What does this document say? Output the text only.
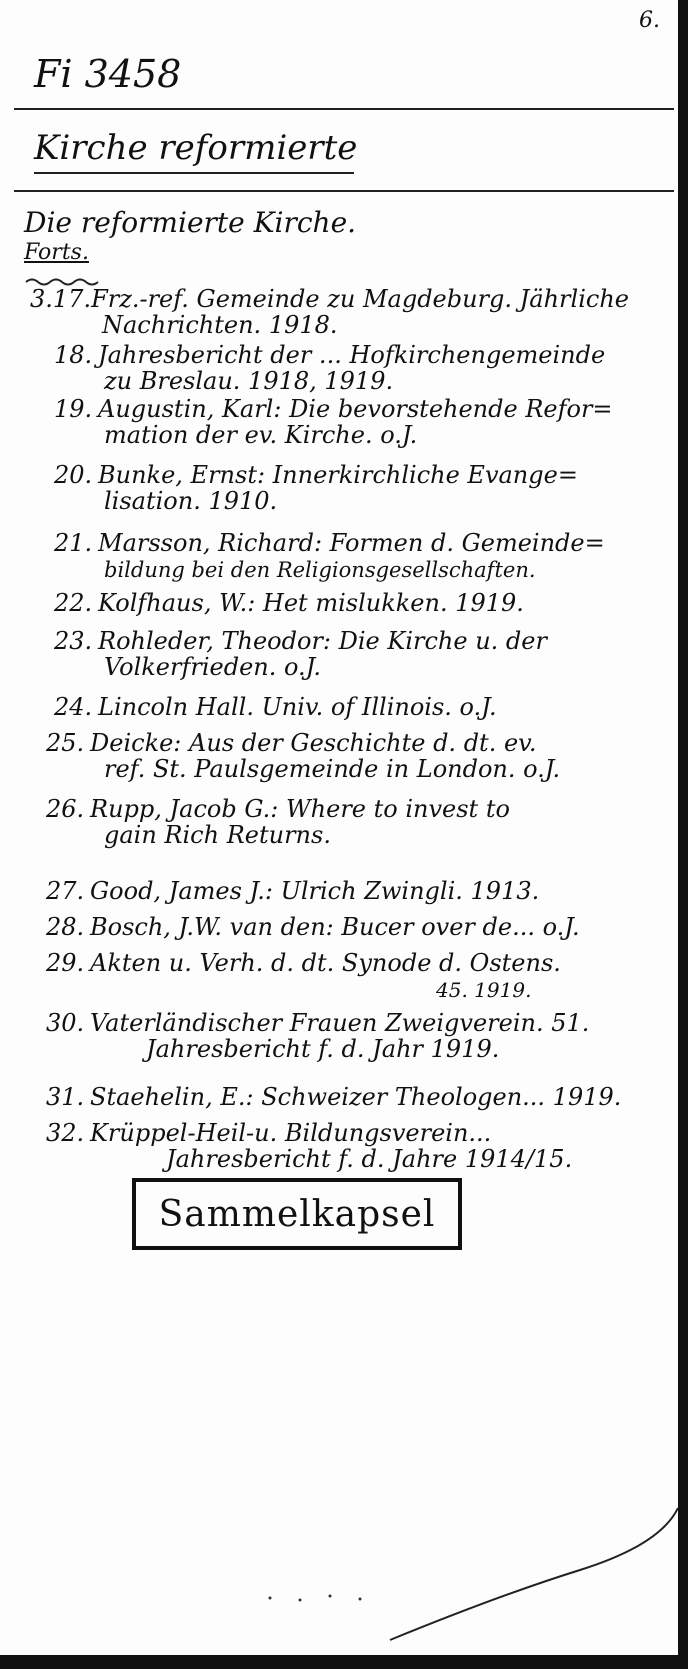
6.
Fi 3458
Kirche reformierte
Die reformierte Kirche.
Forts.
3.17.Frz.-ref. Gemeinde zu Magdeburg. Jährliche
Nachrichten. 1918.
18. Jahresbericht der ... Hofkirchengemeinde
zu Breslau. 1918, 1919.
19. Augustin, Karl: Die bevorstehende Refor=
mation der ev. Kirche. o.J.
20. Bunke, Ernst: Innerkirchliche Evange=
lisation. 1910.
21. Marsson, Richard: Formen d. Gemeinde=
bildung bei den Religionsgesellschaften.
22. Kolfhaus, W.: Het mislukken. 1919.
23. Rohleder, Theodor: Die Kirche u. der
Volkerfrieden. o.J.
24. Lincoln Hall. Univ. of Illinois. o.J.
25. Deicke: Aus der Geschichte d. dt. ev.
ref. St. Paulsgemeinde in London. o.J.
26. Rupp, Jacob G.: Where to invest to
gain Rich Returns.
27. Good, James J.: Ulrich Zwingli. 1913.
28. Bosch, J.W. van den: Bucer over de... o.J.
29. Akten u. Verh. d. dt. Synode d. Ostens.
45. 1919.
30. Vaterländischer Frauen Zweigverein. 51.
Jahresbericht f. d. Jahr 1919.
31. Staehelin, E.: Schweizer Theologen... 1919.
32. Krüppel-Heil-u. Bildungsverein...
Jahresbericht f. d. Jahre 1914/15.
Sammelkapsel
